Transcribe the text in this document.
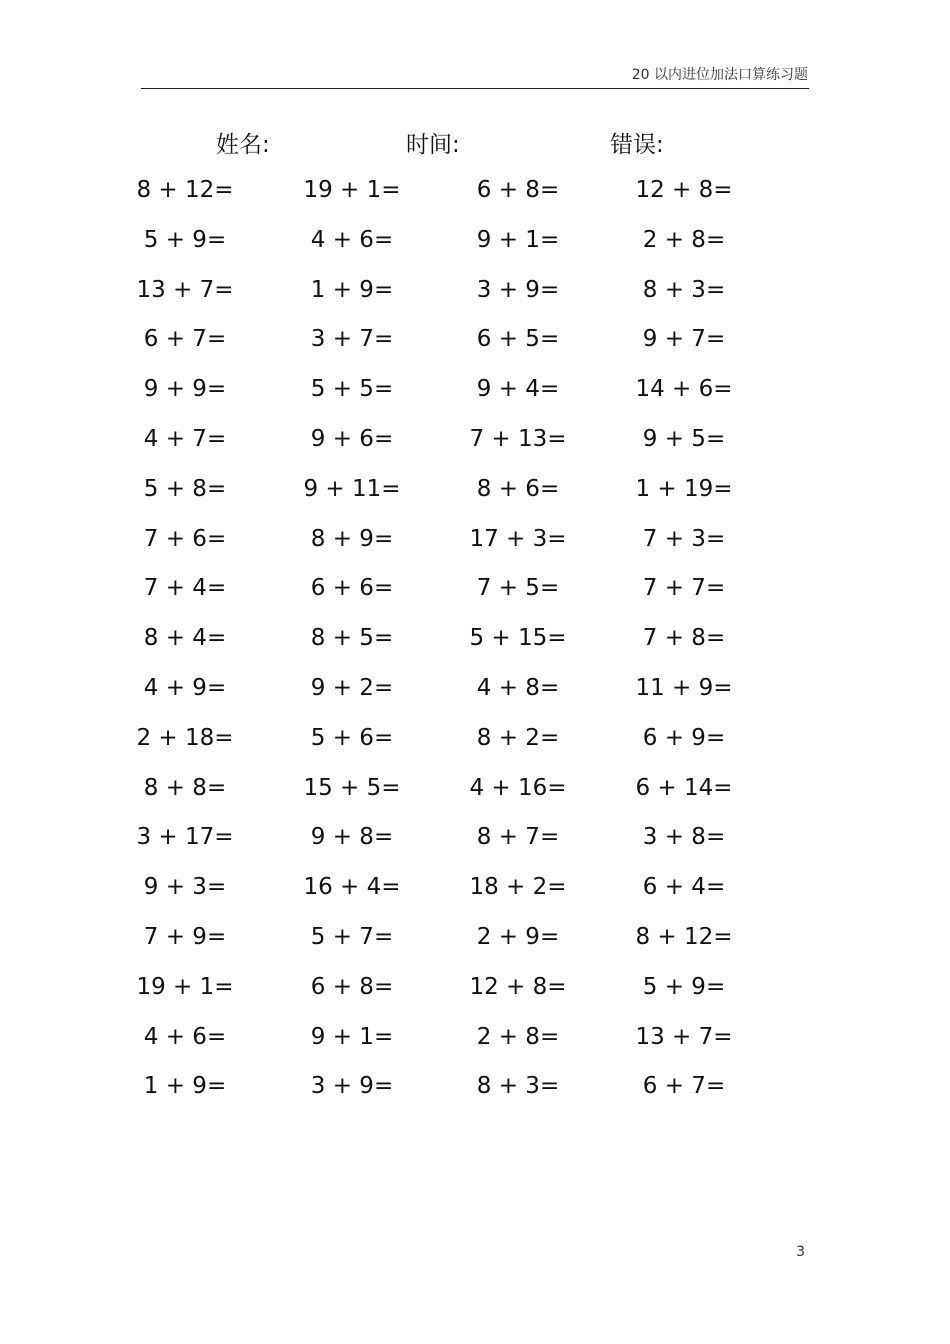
20 以内进位加法口算练习题
姓名:	时间:	错误:
8 + 12=	19 + 1=	6 + 8=	12 + 8=
5 + 9=	4 + 6=	9 + 1=	2 + 8=
13 + 7=	1 + 9=	3 + 9=	8 + 3=
6 + 7=	3 + 7=	6 + 5=	9 + 7=
9 + 9=	5 + 5=	9 + 4=	14 + 6=
4 + 7=	9 + 6=	7 + 13=	9 + 5=
5 + 8=	9 + 11=	8 + 6=	1 + 19=
7 + 6=	8 + 9=	17 + 3=	7 + 3=
7 + 4=	6 + 6=	7 + 5=	7 + 7=
8 + 4=	8 + 5=	5 + 15=	7 + 8=
4 + 9=	9 + 2=	4 + 8=	11 + 9=
2 + 18=	5 + 6=	8 + 2=	6 + 9=
8 + 8=	15 + 5=	4 + 16=	6 + 14=
3 + 17=	9 + 8=	8 + 7=	3 + 8=
9 + 3=	16 + 4=	18 + 2=	6 + 4=
7 + 9=	5 + 7=	2 + 9=	8 + 12=
19 + 1=	6 + 8=	12 + 8=	5 + 9=
4 + 6=	9 + 1=	2 + 8=	13 + 7=
1 + 9=	3 + 9=	8 + 3=	6 + 7=
3
